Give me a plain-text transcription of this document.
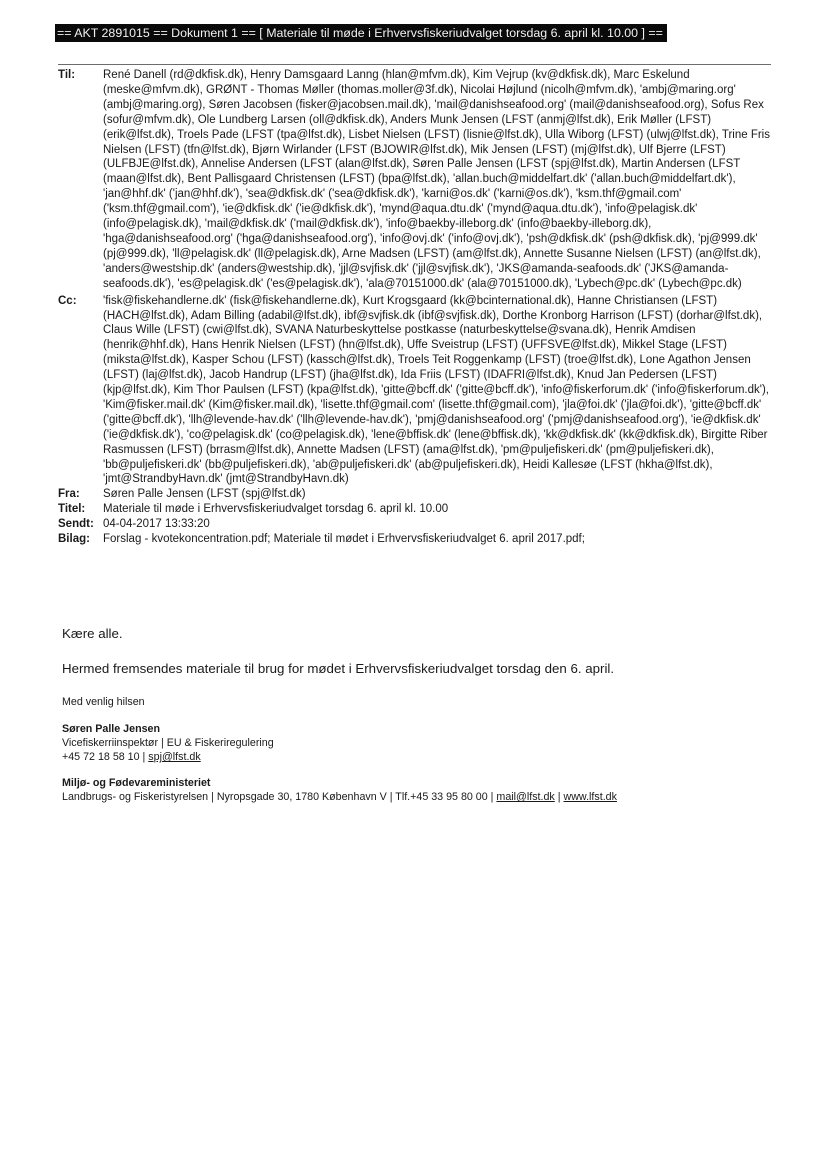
== AKT 2891015 == Dokument 1 == [ Materiale til møde i Erhvervsfiskeriudvalget torsdag 6. april kl. 10.00 ] ==
Til:	René Danell (rd@dkfisk.dk), Henry Damsgaard Lanng (hlan@mfvm.dk), Kim Vejrup (kv@dkfisk.dk), Marc Eskelund (meske@mfvm.dk), GRØNT - Thomas Møller (thomas.moller@3f.dk), Nicolai Højlund (nicolh@mfvm.dk), 'ambj@maring.org' (ambj@maring.org), Søren Jacobsen (fisker@jacobsen.mail.dk), 'mail@danishseafood.org' (mail@danishseafood.org), Sofus Rex (sofur@mfvm.dk), Ole Lundberg Larsen (oll@dkfisk.dk), Anders Munk Jensen (LFST (anmj@lfst.dk), Erik Møller (LFST) (erik@lfst.dk), Troels Pade (LFST (tpa@lfst.dk), Lisbet Nielsen (LFST) (lisnie@lfst.dk), Ulla Wiborg (LFST) (ulwj@lfst.dk), Trine Fris Nielsen (LFST) (tfn@lfst.dk), Bjørn Wirlander (LFST (BJOWIR@lfst.dk), Mik Jensen (LFST) (mj@lfst.dk), Ulf Bjerre (LFST) (ULFBJE@lfst.dk), Annelise Andersen (LFST (alan@lfst.dk), Søren Palle Jensen (LFST (spj@lfst.dk), Martin Andersen (LFST (maan@lfst.dk), Bent Pallisgaard Christensen (LFST) (bpa@lfst.dk), 'allan.buch@middelfart.dk' ('allan.buch@middelfart.dk'), 'jan@hhf.dk' ('jan@hhf.dk'), 'sea@dkfisk.dk' ('sea@dkfisk.dk'), 'karni@os.dk' ('karni@os.dk'), 'ksm.thf@gmail.com' ('ksm.thf@gmail.com'), 'ie@dkfisk.dk' ('ie@dkfisk.dk'), 'mynd@aqua.dtu.dk' ('mynd@aqua.dtu.dk'), 'info@pelagisk.dk' (info@pelagisk.dk), 'mail@dkfisk.dk' ('mail@dkfisk.dk'), 'info@baekby-illeborg.dk' (info@baekby-illeborg.dk), 'hga@danishseafood.org' ('hga@danishseafood.org'), 'info@ovj.dk' ('info@ovj.dk'), 'psh@dkfisk.dk' (psh@dkfisk.dk), 'pj@999.dk' (pj@999.dk), 'll@pelagisk.dk' (ll@pelagisk.dk), Arne Madsen (LFST) (am@lfst.dk), Annette Susanne Nielsen (LFST) (an@lfst.dk), 'anders@westship.dk' (anders@westship.dk), 'jjl@svjfisk.dk' ('jjl@svjfisk.dk'), 'JKS@amanda-seafoods.dk' ('JKS@amanda-seafoods.dk'), 'es@pelagisk.dk' ('es@pelagisk.dk'), 'ala@70151000.dk' (ala@70151000.dk), 'Lybech@pc.dk' (Lybech@pc.dk)
Cc:	'fisk@fiskehandlerne.dk' (fisk@fiskehandlerne.dk), Kurt Krogsgaard (kk@bcinternational.dk), Hanne Christiansen (LFST) (HACH@lfst.dk), Adam Billing (adabil@lfst.dk), ibf@svjfisk.dk (ibf@svjfisk.dk), Dorthe Kronborg Harrison (LFST) (dorhar@lfst.dk), Claus Wille (LFST) (cwi@lfst.dk), SVANA Naturbeskyttelse postkasse (naturbeskyttelse@svana.dk), Henrik Amdisen (henrik@hhf.dk), Hans Henrik Nielsen (LFST) (hn@lfst.dk), Uffe Sveistrup (LFST) (UFFSVE@lfst.dk), Mikkel Stage (LFST) (miksta@lfst.dk), Kasper Schou (LFST) (kassch@lfst.dk), Troels Teit Roggenkamp (LFST) (troe@lfst.dk), Lone Agathon Jensen (LFST) (laj@lfst.dk), Jacob Handrup (LFST) (jha@lfst.dk), Ida Friis (LFST) (IDAFRI@lfst.dk), Knud Jan Pedersen (LFST) (kjp@lfst.dk), Kim Thor Paulsen (LFST) (kpa@lfst.dk), 'gitte@bcff.dk' ('gitte@bcff.dk'), 'info@fiskerforum.dk' ('info@fiskerforum.dk'), 'Kim@fisker.mail.dk' (Kim@fisker.mail.dk), 'lisette.thf@gmail.com' (lisette.thf@gmail.com), 'jla@foi.dk' ('jla@foi.dk'), 'gitte@bcff.dk' ('gitte@bcff.dk'), 'llh@levende-hav.dk' ('llh@levende-hav.dk'), 'pmj@danishseafood.org' ('pmj@danishseafood.org'), 'ie@dkfisk.dk' ('ie@dkfisk.dk'), 'co@pelagisk.dk' (co@pelagisk.dk), 'lene@bffisk.dk' (lene@bffisk.dk), 'kk@dkfisk.dk' (kk@dkfisk.dk), Birgitte Riber Rasmussen (LFST) (brrasm@lfst.dk), Annette Madsen (LFST) (ama@lfst.dk), 'pm@puljefiskeri.dk' (pm@puljefiskeri.dk), 'bb@puljefiskeri.dk' (bb@puljefiskeri.dk), 'ab@puljefiskeri.dk' (ab@puljefiskeri.dk), Heidi Kallesøe (LFST (hkha@lfst.dk), 'jmt@StrandbyHavn.dk' (jmt@StrandbyHavn.dk)
Fra:	Søren Palle Jensen (LFST (spj@lfst.dk)
Titel:	Materiale til møde i Erhvervsfiskeriudvalget torsdag 6. april kl. 10.00
Sendt:	04-04-2017 13:33:20
Bilag:	Forslag - kvotekoncentration.pdf; Materiale til mødet i Erhvervsfiskeriudvalget 6. april 2017.pdf;

Kære alle.

Hermed fremsendes materiale til brug for mødet i Erhvervsfiskeriudvalget torsdag den 6. april.

Med venlig hilsen

Søren Palle Jensen
Vicefiskerriinspektør | EU & Fiskeriregulering
+45 72 18 58 10 | spj@lfst.dk
Miljø- og Fødevareministeriet
Landbrugs- og Fiskeristyrelsen | Nyropsgade 30, 1780 København V | Tlf.+45 33 95 80 00 | mail@lfst.dk | www.lfst.dk
